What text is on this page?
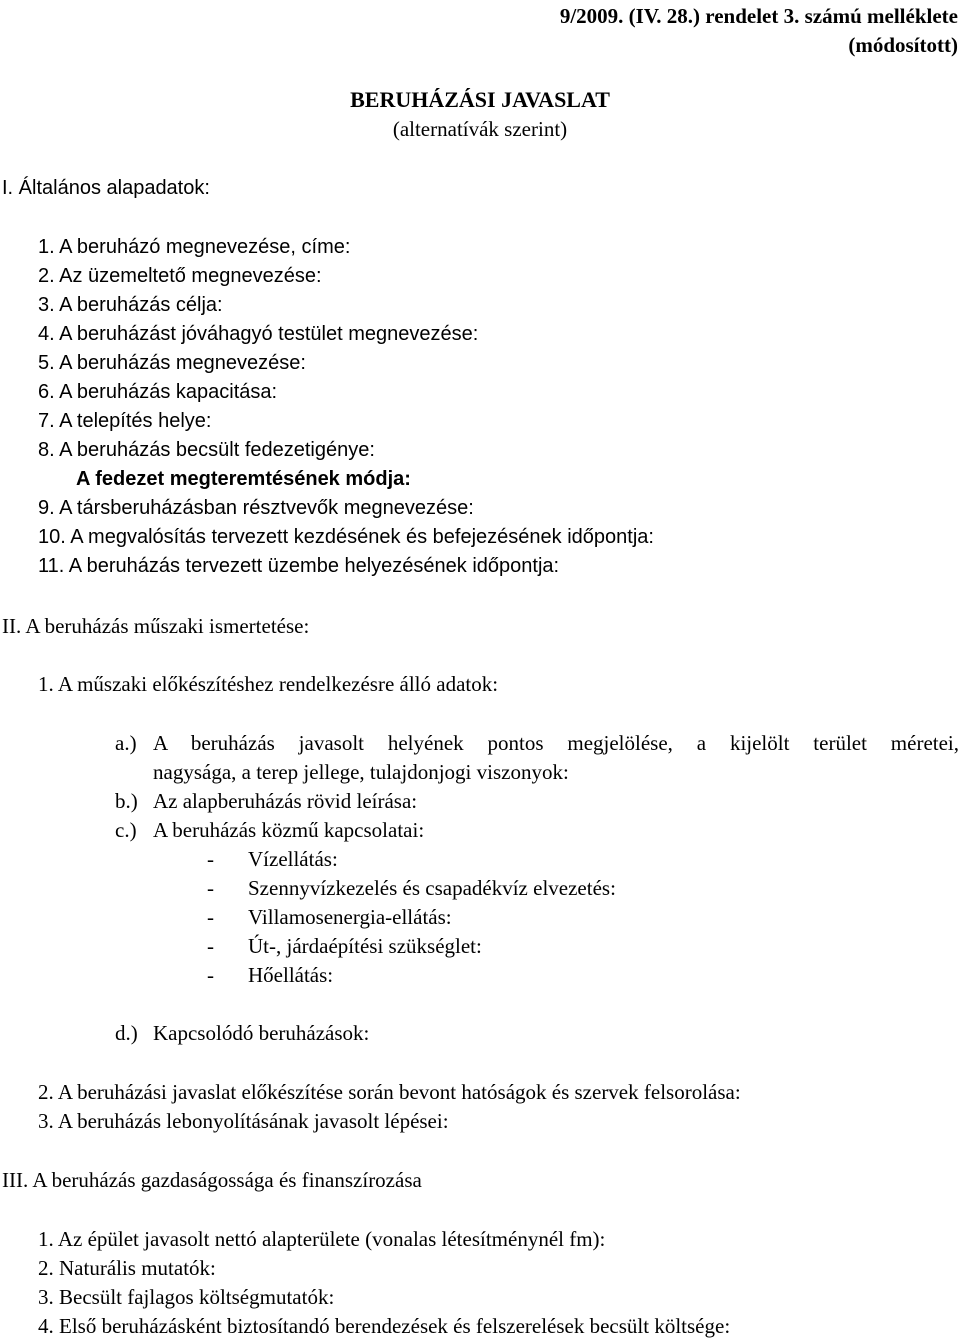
9/2009. (IV. 28.) rendelet 3. számú melléklete
(módosított)
BERUHÁZÁSI JAVASLAT
(alternatívák szerint)
I. Általános alapadatok:
1. A beruházó megnevezése, címe:
2. Az üzemeltető megnevezése:
3. A beruházás célja:
4. A beruházást jóváhagyó testület megnevezése:
5. A beruházás megnevezése:
6. A beruházás kapacitása:
7. A telepítés helye:
8. A beruházás becsült fedezetigénye:
A fedezet megteremtésének módja:
9. A társberuházásban résztvevők megnevezése:
10. A megvalósítás tervezett kezdésének és befejezésének időpontja:
11. A beruházás tervezett üzembe helyezésének időpontja:
II. A beruházás műszaki ismertetése:
1. A műszaki előkészítéshez rendelkezésre álló adatok:
a.) A beruházás javasolt helyének pontos megjelölése, a kijelölt terület méretei,
nagysága, a terep jellege, tulajdonjogi viszonyok:
b.) Az alapberuházás rövid leírása:
c.) A beruházás közmű kapcsolatai:
- Vízellátás:
- Szennyvízkezelés és csapadékvíz elvezetés:
- Villamosenergia-ellátás:
- Út-, járdaépítési szükséglet:
- Hőellátás:
d.) Kapcsolódó beruházások:
2. A beruházási javaslat előkészítése során bevont hatóságok és szervek felsorolása:
3. A beruházás lebonyolításának javasolt lépései:
III. A beruházás gazdaságossága és finanszírozása
1. Az épület javasolt nettó alapterülete (vonalas létesítménynél fm):
2. Naturális mutatók:
3. Becsült fajlagos költségmutatók:
4. Első beruházásként biztosítandó berendezések és felszerelések becsült költsége:
